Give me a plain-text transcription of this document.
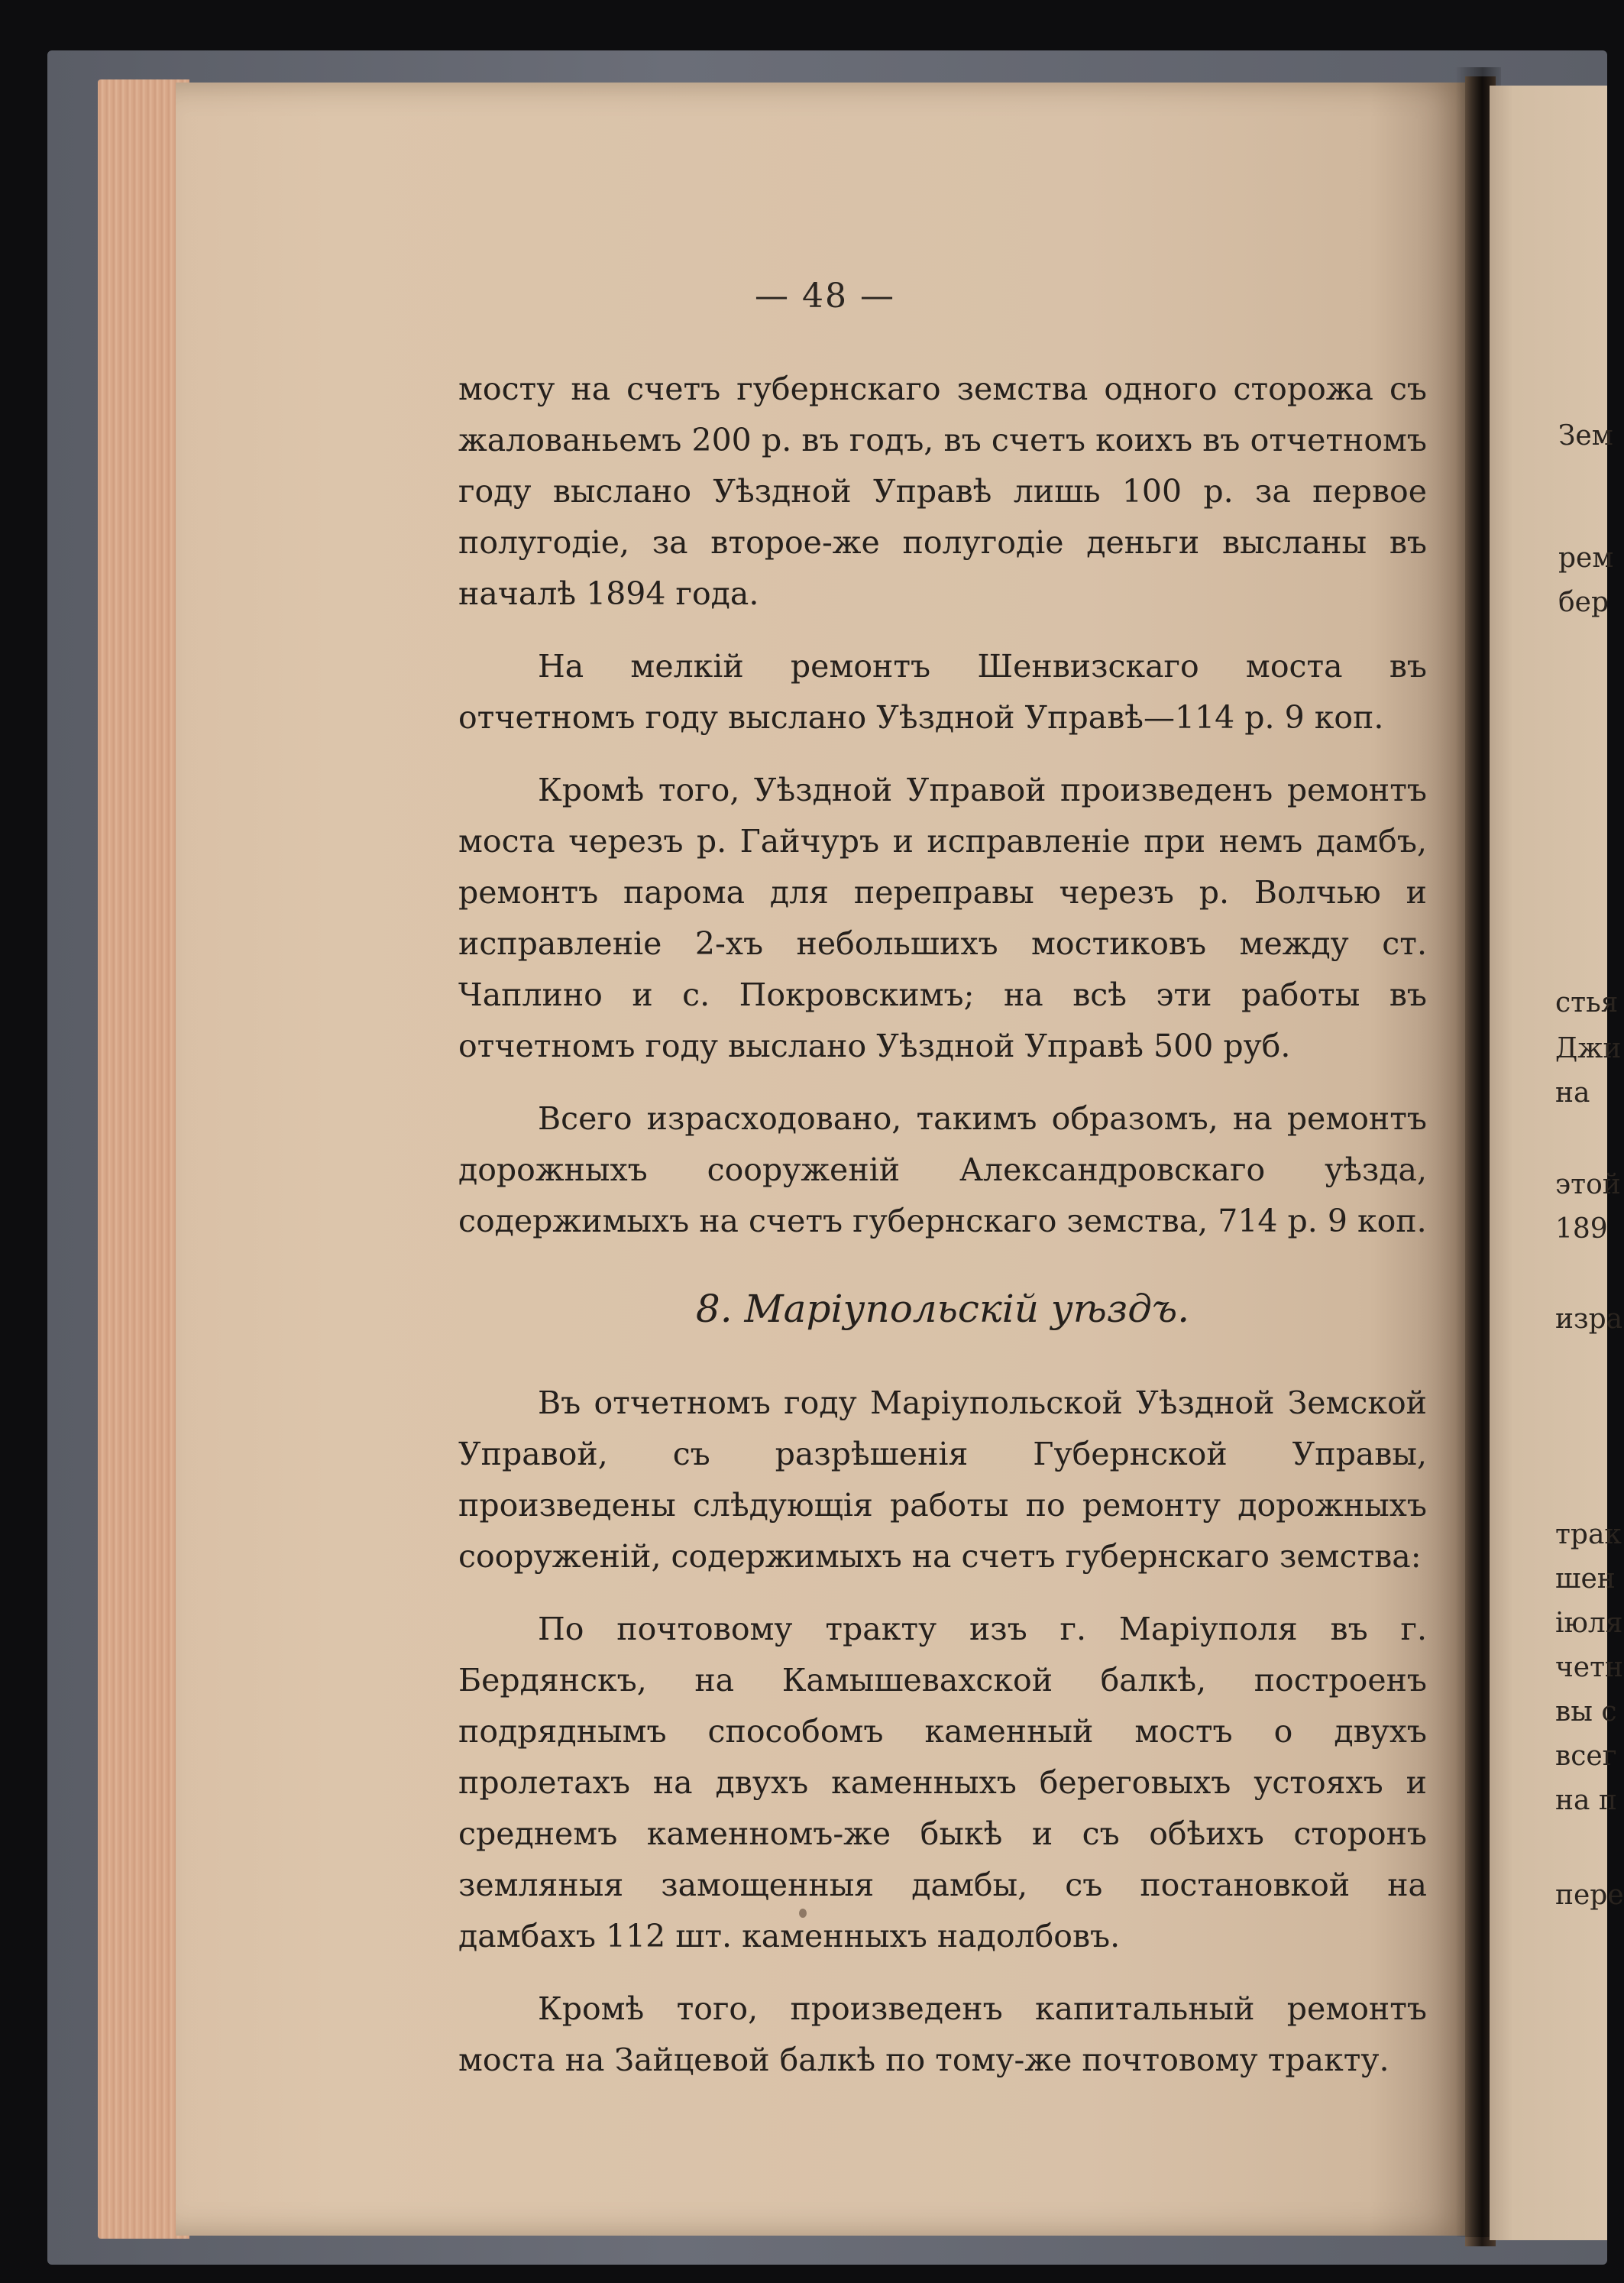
Зем
рем
бер
стья
Джи
на
этой
189
изра
трак
шен
іюля
четн
вы с
всег
на п
пере
— 48 —

мосту на счетъ губернскаго земства одного сторожа съ жалованьемъ 200 р. въ годъ, въ счетъ коихъ въ отчетномъ году выслано Уѣздной Управѣ лишь 100 р. за первое полугодіе, за второе-же полугодіе деньги высланы въ началѣ 1894 года.

На мелкій ремонтъ Шенвизскаго моста въ отчетномъ году выслано Уѣздной Управѣ—114 р. 9 коп.

Кромѣ того, Уѣздной Управой произведенъ ремонтъ моста черезъ р. Гайчуръ и исправленіе при немъ дамбъ, ремонтъ парома для переправы черезъ р. Волчью и исправленіе 2-хъ небольшихъ мостиковъ между ст. Чаплино и с. Покровскимъ; на всѣ эти работы въ отчетномъ году выслано Уѣздной Управѣ 500 руб.

Всего израсходовано, такимъ образомъ, на ремонтъ дорожныхъ сооруженій Александровскаго уѣзда, содержимыхъ на счетъ губернскаго земства, 714 р. 9 коп.

8. Маріупольскій уѣздъ.

Въ отчетномъ году Маріупольской Уѣздной Земской Управой, съ разрѣшенія Губернской Управы, произведены слѣдующія работы по ремонту дорожныхъ сооруженій, содержимыхъ на счетъ губернскаго земства:

По почтовому тракту изъ г. Маріуполя въ г. Бердянскъ, на Камышевахской балкѣ, построенъ подряднымъ способомъ каменный мостъ о двухъ пролетахъ на двухъ каменныхъ береговыхъ устояхъ и среднемъ каменномъ-же быкѣ и съ обѣихъ сторонъ земляныя замощенныя дамбы, съ постановкой на дамбахъ 112 шт. каменныхъ надолбовъ.

Кромѣ того, произведенъ капитальный ремонтъ моста на Зайцевой балкѣ по тому-же почтовому тракту.
